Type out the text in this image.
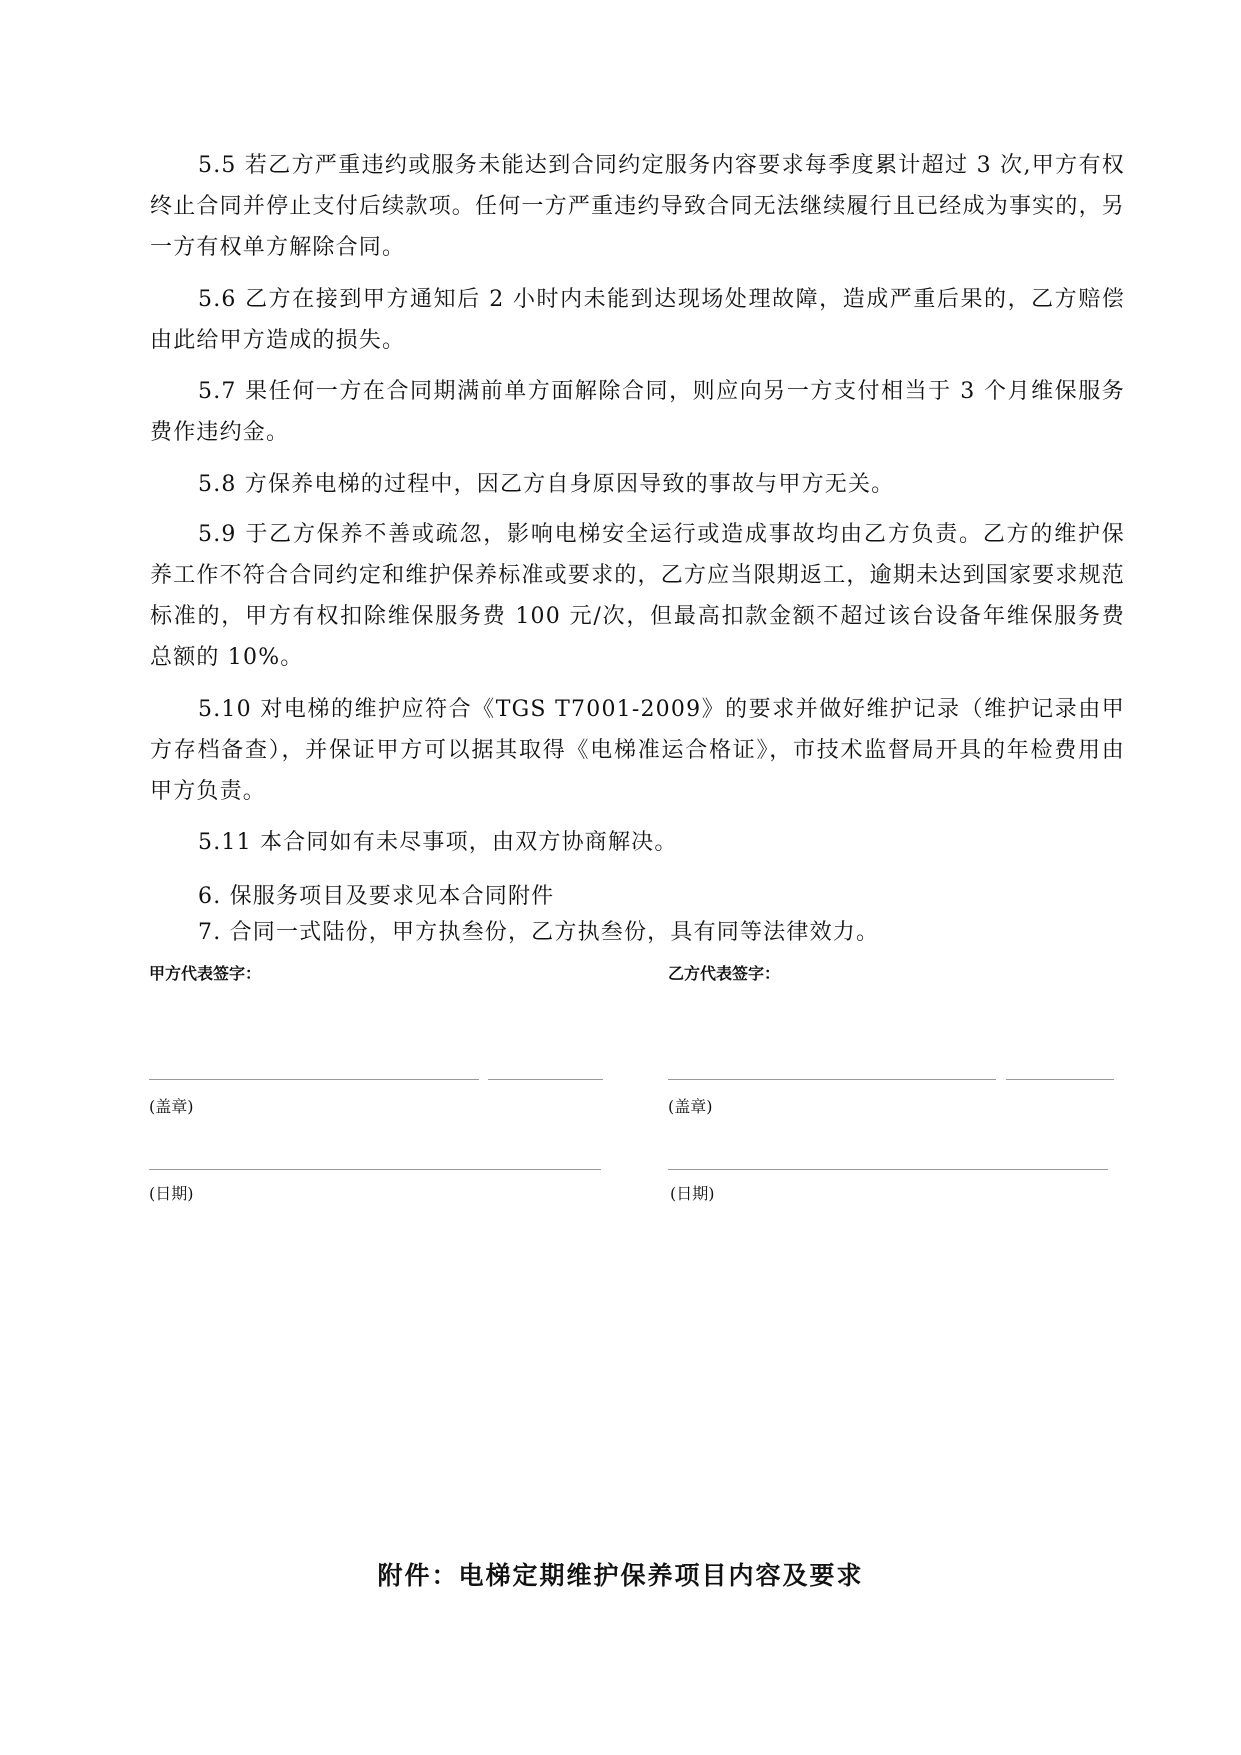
5.5 若乙方严重违约或服务未能达到合同约定服务内容要求每季度累计超过 3 次,甲方有权终止合同并停止支付后续款项。任何一方严重违约导致合同无法继续履行且已经成为事实的，另一方有权单方解除合同。

5.6 乙方在接到甲方通知后 2 小时内未能到达现场处理故障，造成严重后果的，乙方赔偿由此给甲方造成的损失。

5.7 果任何一方在合同期满前单方面解除合同，则应向另一方支付相当于 3 个月维保服务费作违约金。

5.8 方保养电梯的过程中，因乙方自身原因导致的事故与甲方无关。

5.9 于乙方保养不善或疏忽，影响电梯安全运行或造成事故均由乙方负责。乙方的维护保养工作不符合合同约定和维护保养标准或要求的，乙方应当限期返工，逾期未达到国家要求规范标准的，甲方有权扣除维保服务费 100 元/次，但最高扣款金额不超过该台设备年维保服务费总额的 10%。

5.10 对电梯的维护应符合《TGS T7001-2009》的要求并做好维护记录（维护记录由甲方存档备查），并保证甲方可以据其取得《电梯准运合格证》，市技术监督局开具的年检费用由甲方负责。

5.11 本合同如有未尽事项，由双方协商解决。

6. 保服务项目及要求见本合同附件

7. 合同一式陆份，甲方执叁份，乙方执叁份，具有同等法律效力。

甲方代表签字：

(盖章)

(日期)

乙方代表签字：

(盖章)

(日期)

附件：电梯定期维护保养项目内容及要求
